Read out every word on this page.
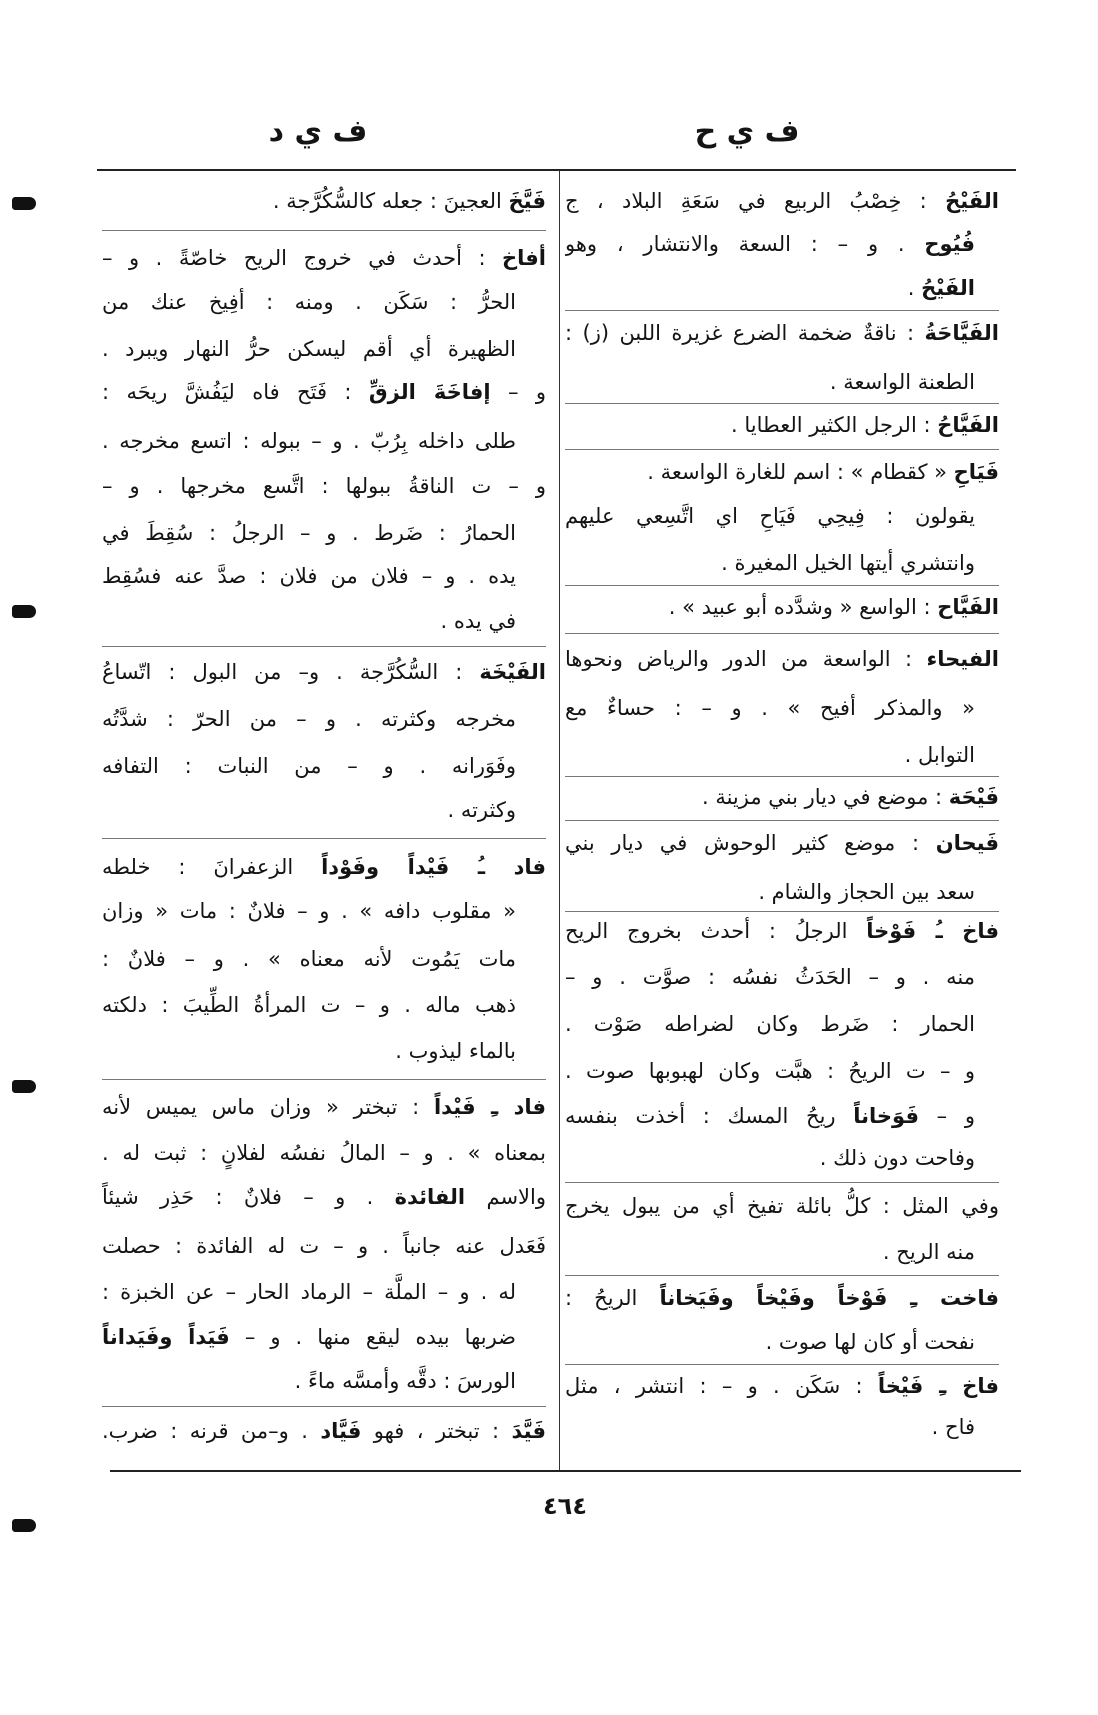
ف ي ح
ف ي د
الفَيْحُ : خِصْبُ الربيع في سَعَةِ البلاد ، ج
فُيُوح . و – : السعة والانتشار ، وهو
الفَيْحُ .
الفَيَّاحَةُ : ناقةٌ ضخمة الضرع غزيرة اللبن (ز) :
الطعنة الواسعة .
الفَيَّاحُ : الرجل الكثير العطايا .
فَيَاحِ « كقطام » : اسم للغارة الواسعة .
يقولون : فِيحِي فَيَاحِ اي اتَّسِعي عليهم
وانتشري أيتها الخيل المغيرة .
الفَيَّاح : الواسع « وشدَّده أبو عبيد » .
الفيحاء : الواسعة من الدور والرياض ونحوها
« والمذكر أفيح » . و – : حساءٌ مع
التوابل .
فَيْحَة : موضع في ديار بني مزينة .
فَيحان : موضع كثير الوحوش في ديار بني
سعد بين الحجاز والشام .
فاخ ـُ فَوْخاً الرجلُ : أحدث بخروج الريح
منه . و – الحَدَثُ نفسُه : صوَّت . و –
الحمار : ضَرط وكان لضراطه صَوْت .
و – ت الريحُ : هبَّت وكان لهبوبها صوت .
و – فَوَخاناً ريحُ المسك : أخذت بنفسه
وفاحت دون ذلك .
وفي المثل : كلُّ بائلة تفيخ أي من يبول يخرج
منه الريح .
فاخت ـِ فَوْخاً وفَيْخاً وفَيَخاناً الريحُ :
نفحت أو كان لها صوت .
فاخ ـِ فَيْخاً : سَكَن . و – : انتشر ، مثل
فاح .
فَيَّخَ العجينَ : جعله كالسُّكُرَّجة .
أفاخ : أحدث في خروج الريح خاصّةً . و –
الحرُّ : سَكَن . ومنه : أفِيخ عنك من
الظهيرة أي أقم ليسكن حرُّ النهار ويبرد .
و – إفاخَةَ الزقِّ : فَتَح فاه ليَفُشَّ ريحَه :
طلى داخله بِرُبّ . و – ببوله : اتسع مخرجه .
و – ت الناقةُ ببولها : اتَّسع مخرجها . و –
الحمارُ : ضَرط . و – الرجلُ : سُقِطَ في
يده . و – فلان من فلان : صدَّ عنه فسُقِط
في يده .
الفَيْخَة : السُّكُرَّجة . و– من البول : اتّساعُ
مخرجه وكثرته . و – من الحرّ : شدَّتُه
وفَوَرانه . و – من النبات : التفافه
وكثرته .
فاد ـُ فَيْداً وفَوْداً الزعفرانَ : خلطه
« مقلوب دافه » . و – فلانٌ : مات « وزان
مات يَمُوت لأنه معناه » . و – فلانٌ :
ذهب ماله . و – ت المرأةُ الطِّيبَ : دلكته
بالماء ليذوب .
فاد ـِ فَيْداً : تبختر « وزان ماس يميس لأنه
بمعناه » . و – المالُ نفسُه لفلانٍ : ثبت له .
والاسم الفائدة . و – فلانٌ : حَذِر شيئاً
فَعَدل عنه جانباً . و – ت له الفائدة : حصلت
له . و – الملَّة – الرماد الحار – عن الخبزة :
ضربها بيده ليقع منها . و – فَيَداً وفَيَداناً
الورسَ : دقَّه وأمسَّه ماءً .
فَيَّدَ : تبختر ، فهو فَيَّاد . و–من قرنه : ضرب.
٤٦٤
